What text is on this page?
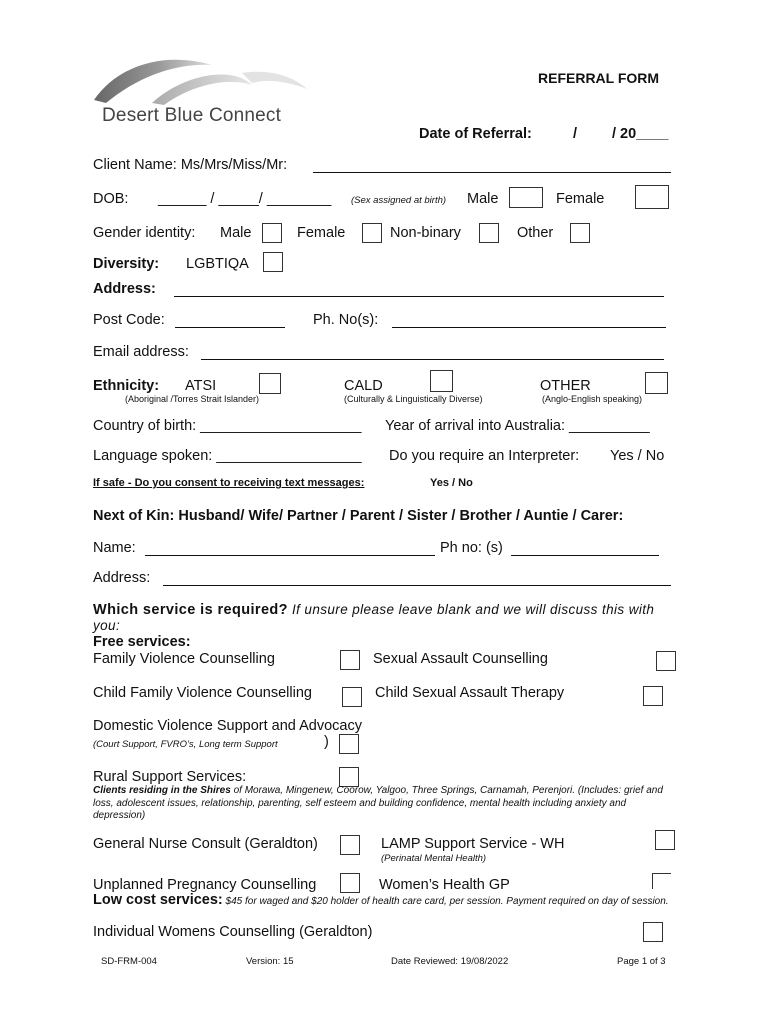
Desert Blue Connect
REFERRAL FORM
Date of Referral:	/ / 20____
Client Name: Ms/Mrs/Miss/Mr:
DOB: ______ / _____/ ________ (Sex assigned at birth) Male	Female
Gender identity: Male	Female	Non-binary	Other
Diversity: LGBTIQA
Address:
Post Code:	Ph. No(s):
Email address:
Ethnicity: ATSI
(Aboriginal /Torres Strait Islander)
CALD
(Culturally & Linguistically Diverse)
OTHER
(Anglo-English speaking)
Country of birth: ____________________ Year of arrival into Australia: __________
Language spoken: __________________ Do you require an Interpreter: Yes / No
If safe - Do you consent to receiving text messages:	Yes / No
Next of Kin: Husband/ Wife/ Partner / Parent / Sister / Brother / Auntie / Carer:
Name:	Ph no: (s)
Address:
Which service is required? If unsure please leave blank and we will discuss this with you:
Free services:
Family Violence Counselling	Sexual Assault Counselling
Child Family Violence Counselling	Child Sexual Assault Therapy
Domestic Violence Support and Advocacy
(Court Support, FVRO’s, Long term Support	)
Rural Support Services:
Clients residing in the Shires of Morawa, Mingenew, Coorow, Yalgoo, Three Springs, Carnamah, Perenjori. (Includes: grief and loss, adolescent issues, relationship, parenting, self esteem and building confidence, mental health including anxiety and depression)
General Nurse Consult (Geraldton)	LAMP Support Service - WH
(Perinatal Mental Health)
Unplanned Pregnancy Counselling	Women’s Health GP
Low cost services: $45 for waged and $20 holder of health care card, per session. Payment required on day of session.
Individual Womens Counselling (Geraldton)
SD-FRM-004	Version: 15	Date Reviewed: 19/08/2022	Page 1 of 3
